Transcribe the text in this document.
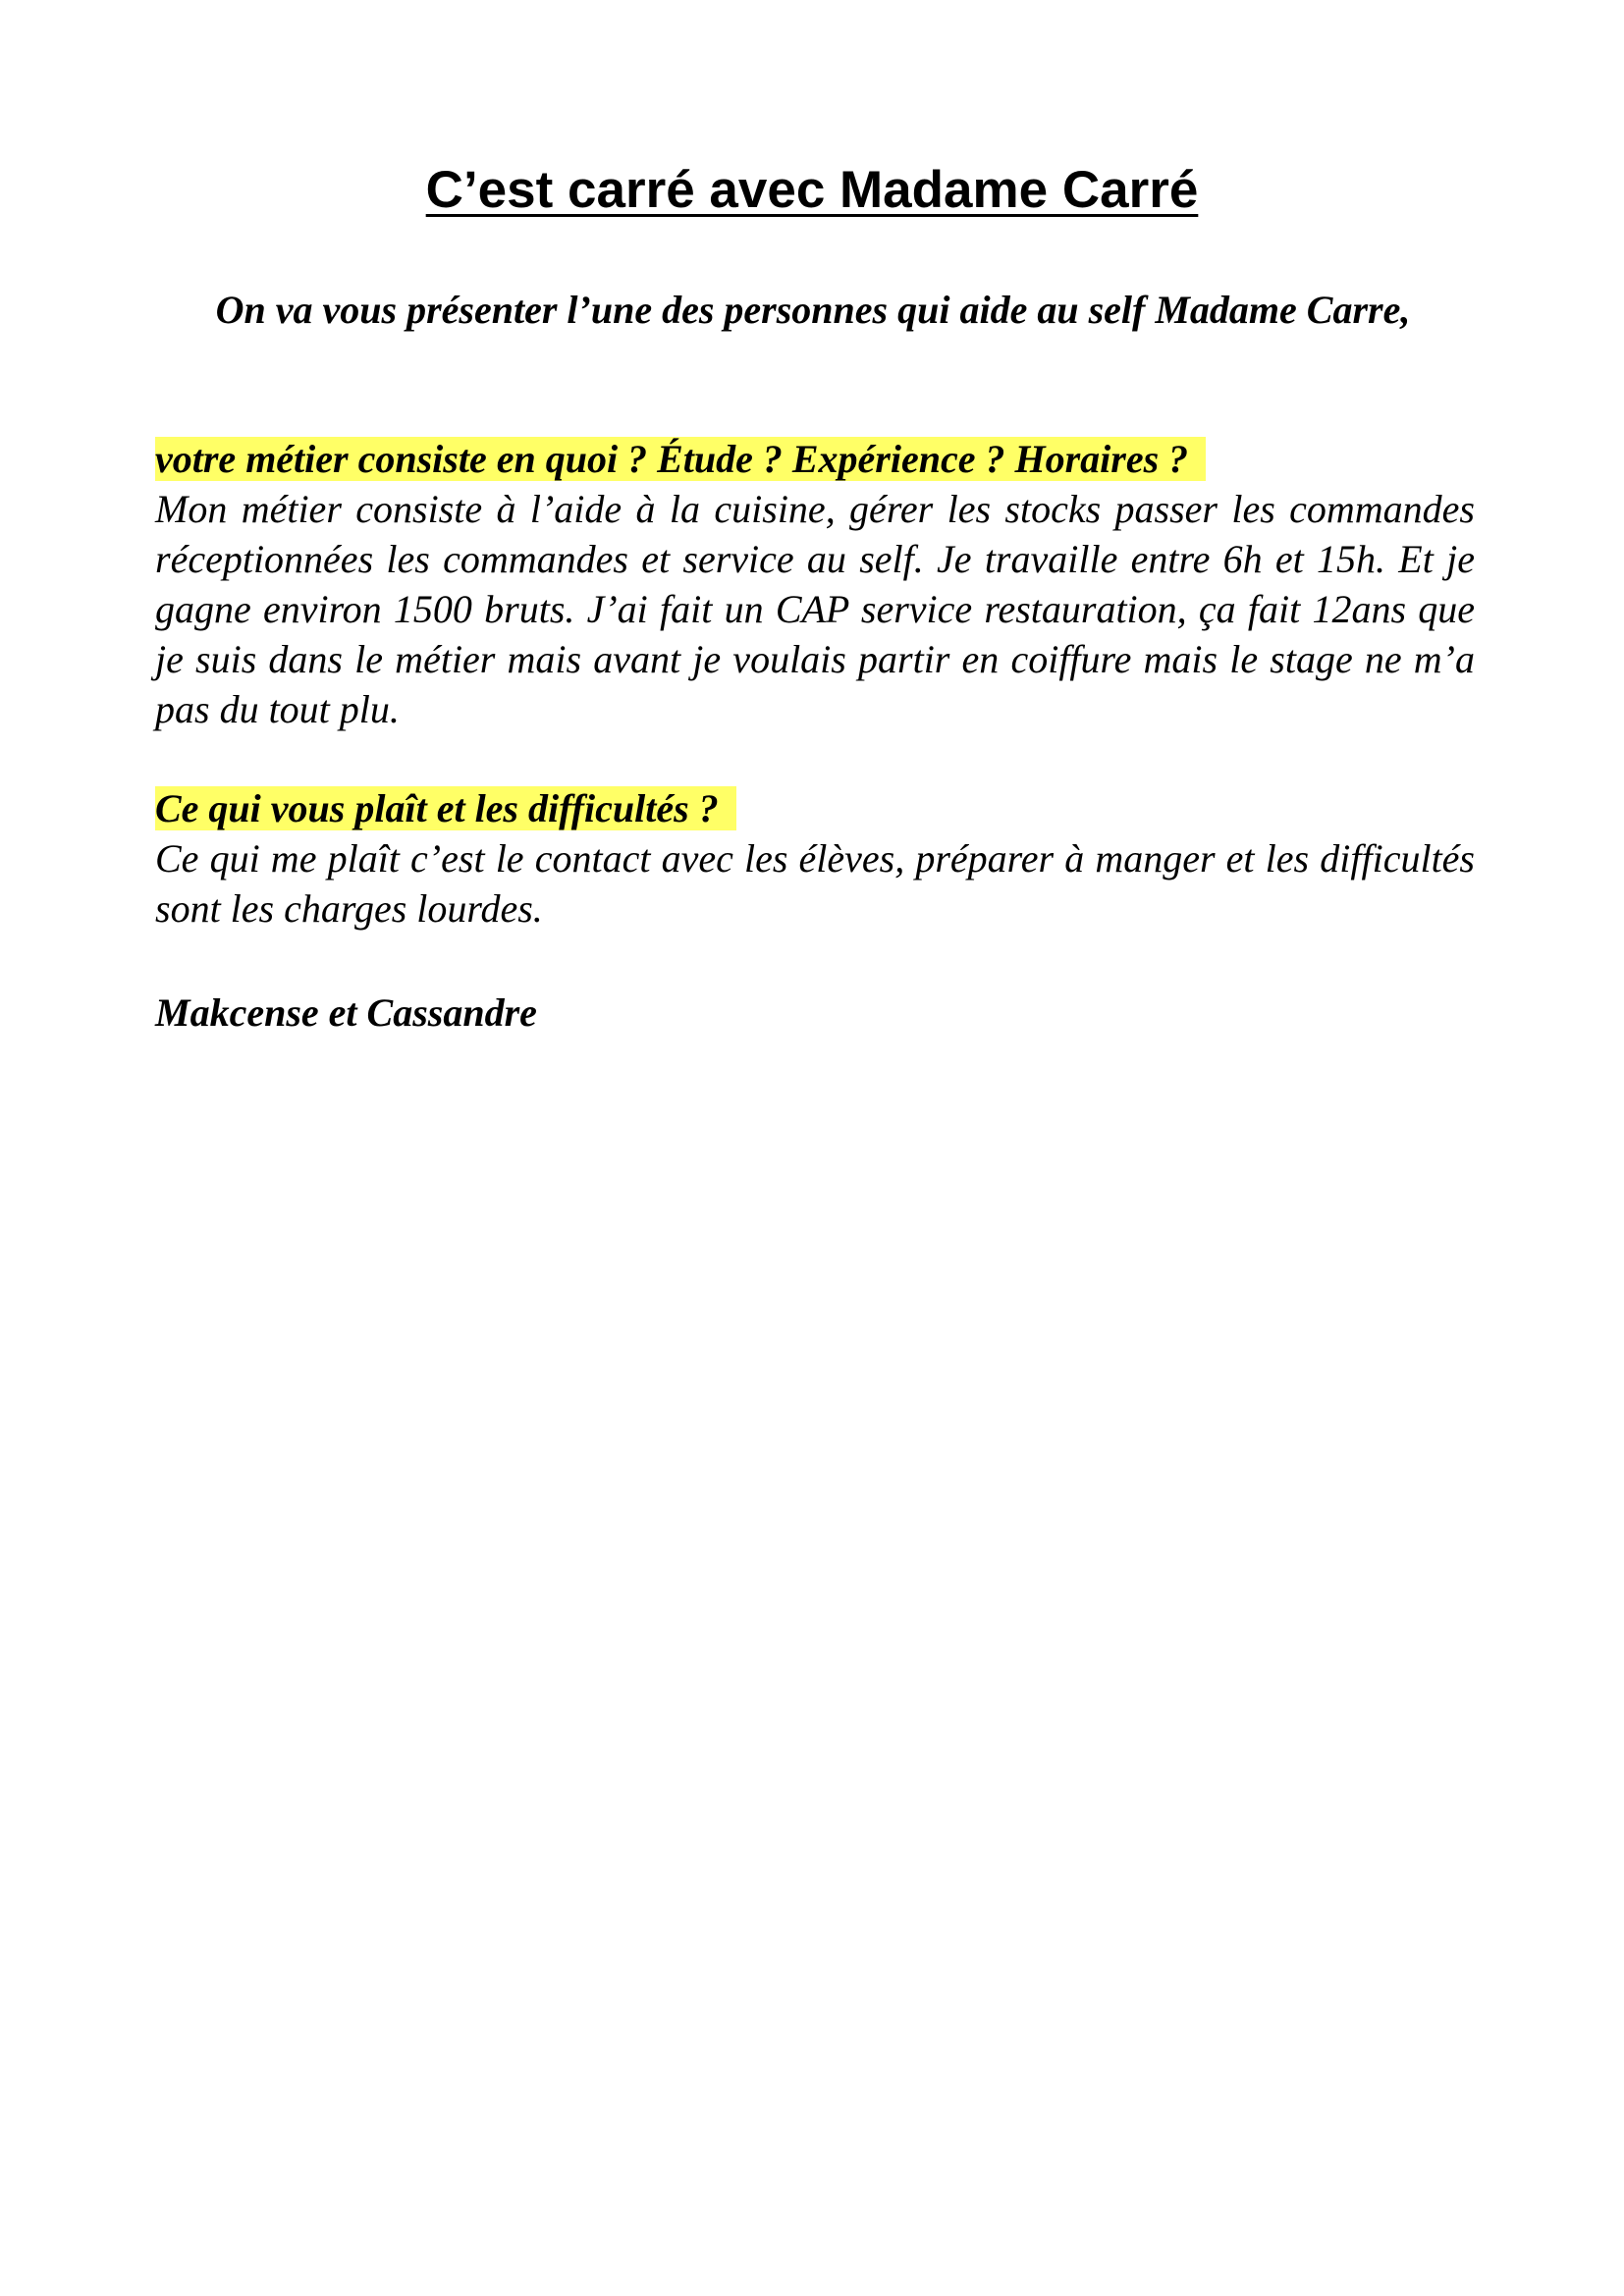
C’est carré avec Madame Carré

On va vous présenter l’une des personnes qui aide au self Madame Carre,

votre métier consiste en quoi ? Étude ? Expérience ? Horaires ?

Mon métier consiste à l’aide à la cuisine, gérer les stocks passer les commandes réceptionnées les commandes et service au self. Je travaille entre 6h et 15h. Et je gagne environ 1500 bruts. J’ai fait un CAP service restauration, ça fait 12ans que je suis dans le métier mais avant je voulais partir en coiffure mais le stage ne m’a pas du tout plu.

Ce qui vous plaît et les difficultés ?

Ce qui me plaît c’est le contact avec les élèves, préparer à manger et les difficultés sont les charges lourdes.

Makcense et Cassandre
